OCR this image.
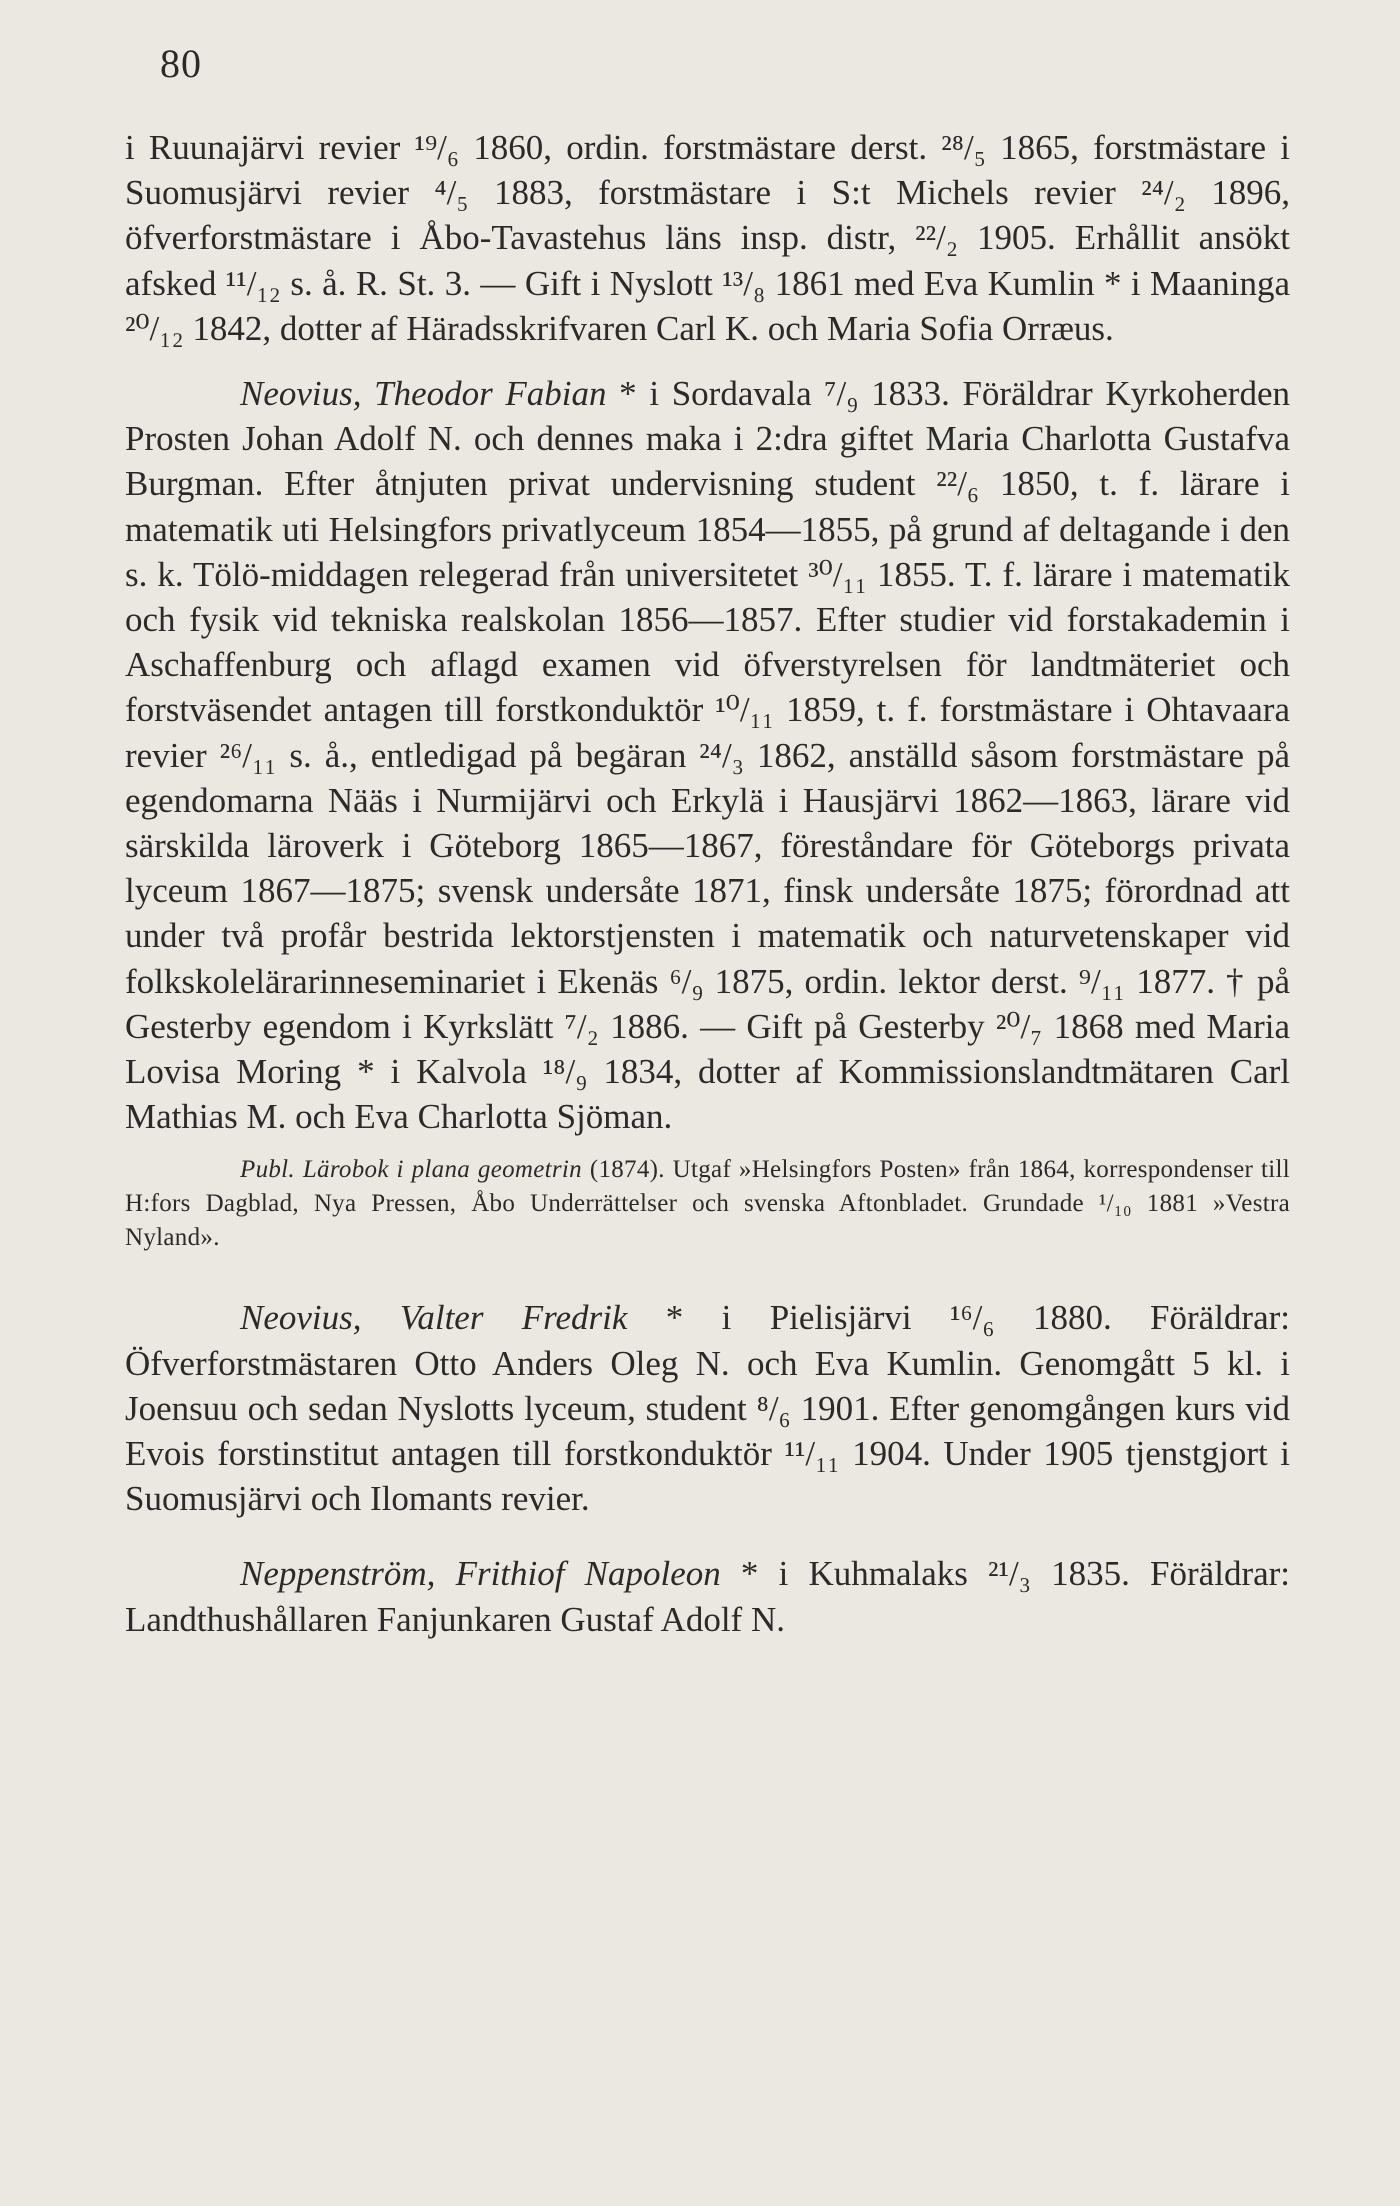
80

i Ruunajärvi revier ¹⁹/₆ 1860, ordin. forstmästare derst. ²⁸/₅ 1865, forstmästare i Suomusjärvi revier ⁴/₅ 1883, forstmästare i S:t Michels revier ²⁴/₂ 1896, öfverforstmästare i Åbo-Tavastehus läns insp. distr, ²²/₂ 1905. Erhållit ansökt afsked ¹¹/₁₂ s. å. R. St. 3. — Gift i Nyslott ¹³/₈ 1861 med Eva Kumlin * i Maaninga ²⁰/₁₂ 1842, dotter af Häradsskrifvaren Carl K. och Maria Sofia Orræus.

Neovius, Theodor Fabian * i Sordavala ⁷/₉ 1833. Föräldrar Kyrkoherden Prosten Johan Adolf N. och dennes maka i 2:dra giftet Maria Charlotta Gustafva Burgman. Efter åtnjuten privat undervisning student ²²/₆ 1850, t. f. lärare i matematik uti Helsingfors privatlyceum 1854—1855, på grund af deltagande i den s. k. Tölö-middagen relegerad från universitetet ³⁰/₁₁ 1855. T. f. lärare i matematik och fysik vid tekniska realskolan 1856—1857. Efter studier vid forstakademin i Aschaffenburg och aflagd examen vid öfverstyrelsen för landtmäteriet och forstväsendet antagen till forstkonduktör ¹⁰/₁₁ 1859, t. f. forstmästare i Ohtavaara revier ²⁶/₁₁ s. å., entledigad på begäran ²⁴/₃ 1862, anställd såsom forstmästare på egendomarna Nääs i Nurmijärvi och Erkylä i Hausjärvi 1862—1863, lärare vid särskilda läroverk i Göteborg 1865—1867, föreståndare för Göteborgs privata lyceum 1867—1875; svensk undersåte 1871, finsk undersåte 1875; förordnad att under två profår bestrida lektorstjensten i matematik och naturvetenskaper vid folkskolelärarinneseminariet i Ekenäs ⁶/₉ 1875, ordin. lektor derst. ⁹/₁₁ 1877. † på Gesterby egendom i Kyrkslätt ⁷/₂ 1886. — Gift på Gesterby ²⁰/₇ 1868 med Maria Lovisa Moring * i Kalvola ¹⁸/₉ 1834, dotter af Kommissionslandtmätaren Carl Mathias M. och Eva Charlotta Sjöman.

Publ. Lärobok i plana geometrin (1874). Utgaf »Helsingfors Posten» från 1864, korrespondenser till H:fors Dagblad, Nya Pressen, Åbo Underrättelser och svenska Aftonbladet. Grundade ¹/₁₀ 1881 »Vestra Nyland».

Neovius, Valter Fredrik * i Pielisjärvi ¹⁶/₆ 1880. Föräldrar: Öfverforstmästaren Otto Anders Oleg N. och Eva Kumlin. Genomgått 5 kl. i Joensuu och sedan Nyslotts lyceum, student ⁸/₆ 1901. Efter genomgången kurs vid Evois forstinstitut antagen till forstkonduktör ¹¹/₁₁ 1904. Under 1905 tjenstgjort i Suomusjärvi och Ilomants revier.

Neppenström, Frithiof Napoleon * i Kuhmalaks ²¹/₃ 1835. Föräldrar: Landthushållaren Fanjunkaren Gustaf Adolf N.
